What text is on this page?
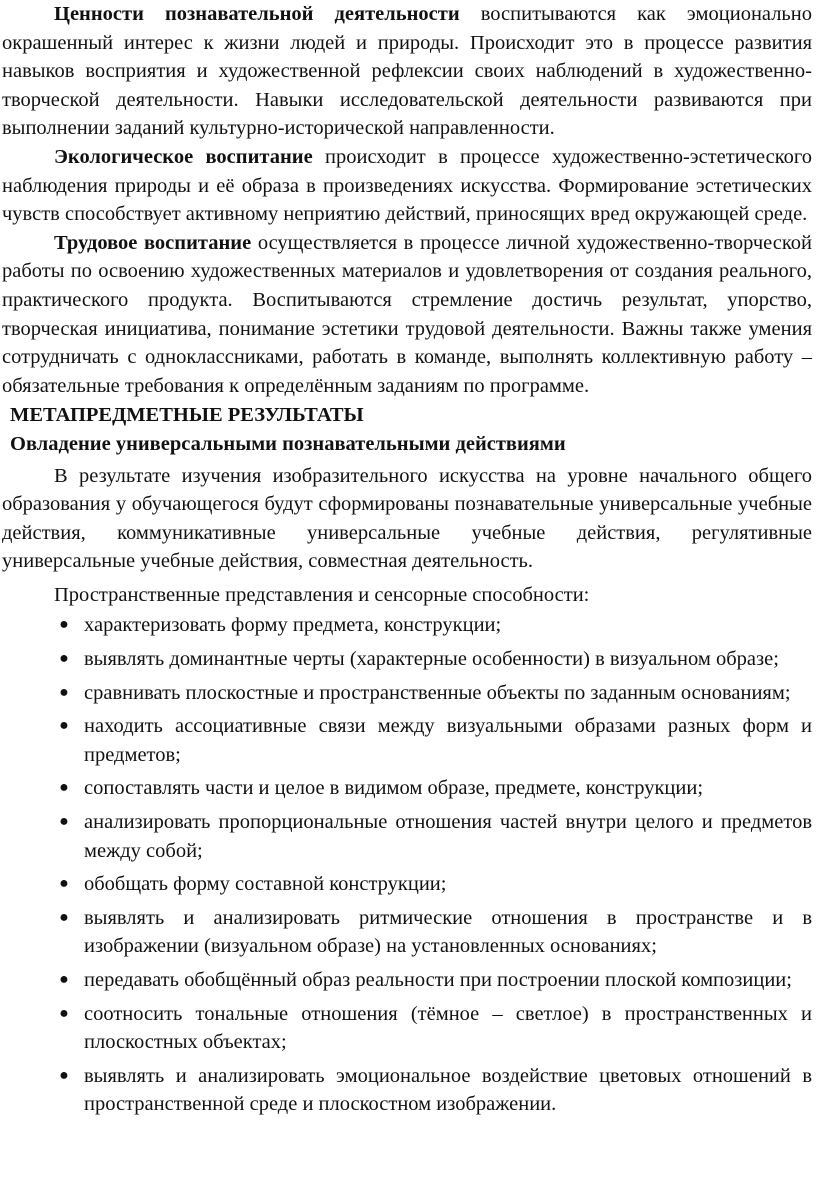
Ценности познавательной деятельности воспитываются как эмоционально окрашенный интерес к жизни людей и природы. Происходит это в процессе развития навыков восприятия и художественной рефлексии своих наблюдений в художественно-творческой деятельности. Навыки исследовательской деятельности развиваются при выполнении заданий культурно-исторической направленности.

Экологическое воспитание происходит в процессе художественно-эстетического наблюдения природы и её образа в произведениях искусства. Формирование эстетических чувств способствует активному неприятию действий, приносящих вред окружающей среде.

Трудовое воспитание осуществляется в процессе личной художественно-творческой работы по освоению художественных материалов и удовлетворения от создания реального, практического продукта. Воспитываются стремление достичь результат, упорство, творческая инициатива, понимание эстетики трудовой деятельности. Важны также умения сотрудничать с одноклассниками, работать в команде, выполнять коллективную работу – обязательные требования к определённым заданиям по программе.

МЕТАПРЕДМЕТНЫЕ РЕЗУЛЬТАТЫ
Овладение универсальными познавательными действиями

В результате изучения изобразительного искусства на уровне начального общего образования у обучающегося будут сформированы познавательные универсальные учебные действия, коммуникативные универсальные учебные действия, регулятивные универсальные учебные действия, совместная деятельность.

Пространственные представления и сенсорные способности:

● характеризовать форму предмета, конструкции;
● выявлять доминантные черты (характерные особенности) в визуальном образе;
● сравнивать плоскостные и пространственные объекты по заданным основаниям;
● находить ассоциативные связи между визуальными образами разных форм и предметов;
● сопоставлять части и целое в видимом образе, предмете, конструкции;
● анализировать пропорциональные отношения частей внутри целого и предметов между собой;
● обобщать форму составной конструкции;
● выявлять и анализировать ритмические отношения в пространстве и в изображении (визуальном образе) на установленных основаниях;
● передавать обобщённый образ реальности при построении плоской композиции;
● соотносить тональные отношения (тёмное – светлое) в пространственных и плоскостных объектах;
● выявлять и анализировать эмоциональное воздействие цветовых отношений в пространственной среде и плоскостном изображении.
